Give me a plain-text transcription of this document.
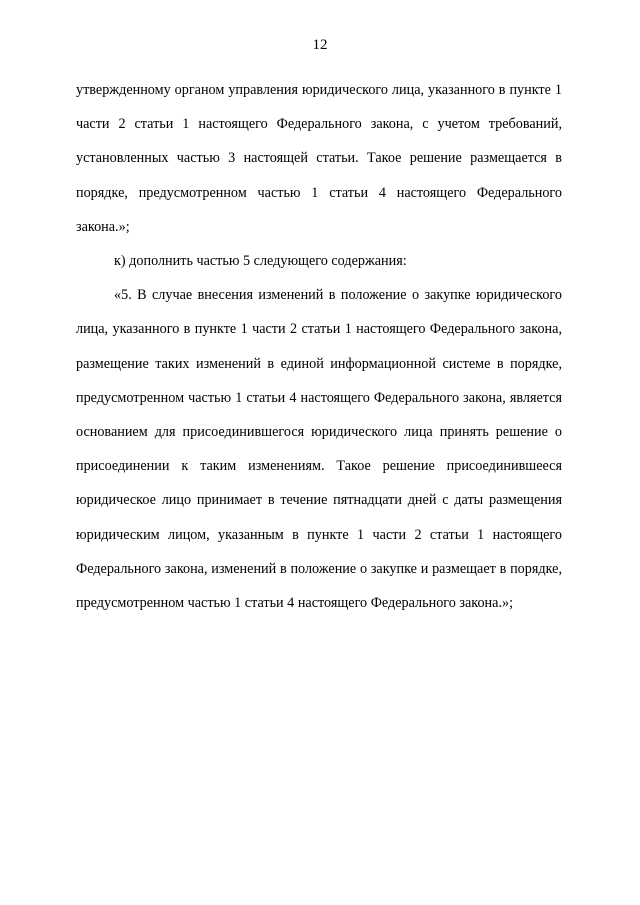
12

утвержденному органом управления юридического лица, указанного в пункте 1 части 2 статьи 1 настоящего Федерального закона, с учетом требований, установленных частью 3 настоящей статьи. Такое решение размещается в порядке, предусмотренном частью 1 статьи 4 настоящего Федерального закона.»;

к) дополнить частью 5 следующего содержания:

«5. В случае внесения изменений в положение о закупке юридического лица, указанного в пункте 1 части 2 статьи 1 настоящего Федерального закона, размещение таких изменений в единой информационной системе в порядке, предусмотренном частью 1 статьи 4 настоящего Федерального закона, является основанием для присоединившегося юридического лица принять решение о присоединении к таким изменениям. Такое решение присоединившееся юридическое лицо принимает в течение пятнадцати дней с даты размещения юридическим лицом, указанным в пункте 1 части 2 статьи 1 настоящего Федерального закона, изменений в положение о закупке и размещает в порядке, предусмотренном частью 1 статьи 4 настоящего Федерального закона.»;
